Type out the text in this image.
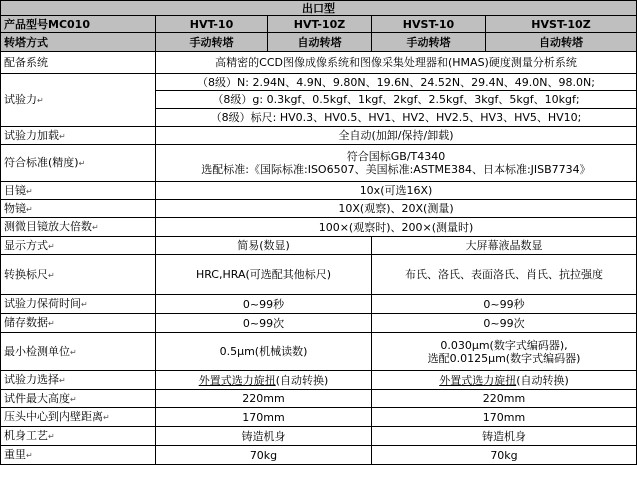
出口型				
产品型号MC010	HVT-10	HVT-10Z	HVST-10	HVST-10Z
转塔方式	手动转塔	自动转塔	手动转塔	自动转塔
配备系统	高精密的CCD图像成像系统和图像采集处理器和(HMAS)硬度测量分析系统			
试验力↵	（8级）N: 2.94N、4.9N、9.80N、19.6N、24.52N、29.4N、49.0N、98.0N;			
	（8级）g: 0.3kgf、0.5kgf、1kgf、2kgf、2.5kgf、3kgf、5kgf、10kgf;			
	（8级）标尺: HV0.3、HV0.5、HV1、HV2、HV2.5、HV3、HV5、HV10;			
试验力加载↵	全自动(加卸/保持/卸载)			
符合标准(精度)↵	符合国标GB/T4340
选配标准:《国际标准:ISO6507、美国标准:ASTME384、日本标准:JISB7734》			

目镜↵	10x(可选16X)			
物镜↵	10X(观察)、20X(测量)			
测微目镜放大倍数↵	100×(观察时)、200×(测量时)			
显示方式↵	简易(数显)		大屏幕液晶数显	
转换标尺↵	HRC,HRA(可选配其他标尺)		布氏、洛氏、表面洛氏、肖氏、抗拉强度	
试验力保荷时间↵	0~99秒		0~99秒	
储存数据↵	0~99次		0~99次	
最小检测单位↵	0.5μm(机械读数)		0.030μm(数字式编码器),
选配0.0125μm(数字式编码器)	

试验力选择↵	外置式选力旋扭(自动转换)		外置式选力旋扭(自动转换)	
试件最大高度↵	220mm		220mm	
压头中心到内壁距离↵	170mm		170mm	
机身工艺↵	铸造机身		铸造机身	
重里↵	70kg		70kg	
